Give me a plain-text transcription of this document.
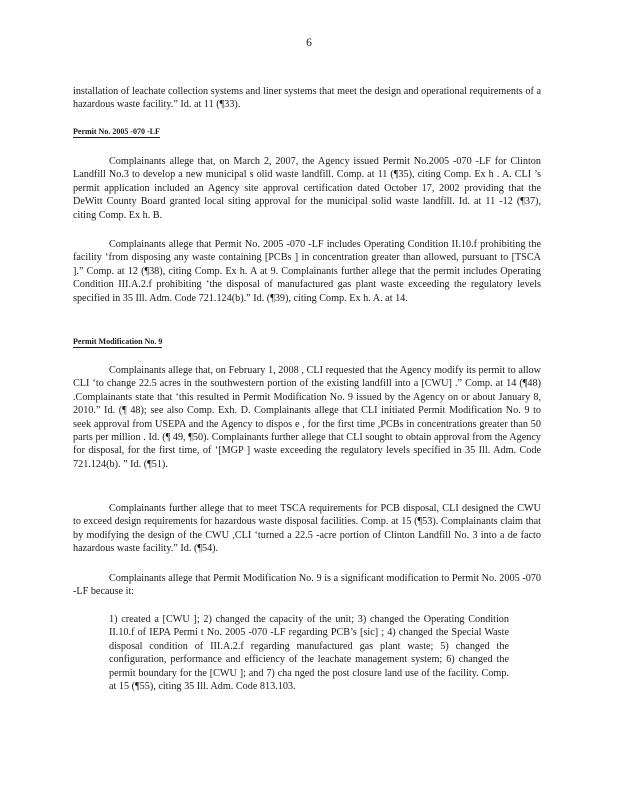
6

installation of leachate collection systems and liner systems that meet the design and operational requirements of a hazardous waste facility.” Id. at 11 (¶33).

Permit No. 2005 -070 -LF

Complainants allege that, on March 2, 2007, the Agency issued Permit No.2005 -070 -LF for Clinton Landfill No.3 to develop a new municipal s olid waste landfill. Comp. at 11 (¶35), citing Comp. Ex h . A. CLI ’s permit application included an Agency site approval certification dated October 17, 2002 providing that the DeWitt County Board granted local siting approval for the municipal solid waste landfill. Id. at 11 -12 (¶37), citing Comp. Ex h. B.

Complainants allege that Permit No. 2005 -070 -LF includes Operating Condition II.10.f prohibiting the facility ‘from disposing any waste containing [PCBs ] in concentration greater than allowed, pursuant to [TSCA ].” Comp. at 12 (¶38), citing Comp. Ex h. A at 9. Complainants further allege that the permit includes Operating Condition III.A.2.f prohibiting ‘the disposal of manufactured gas plant waste exceeding the regulatory levels specified in 35 Ill. Adm. Code 721.124(b).” Id. (¶39), citing Comp. Ex h. A. at 14.

Permit Modification No. 9

Complainants allege that, on February 1, 2008 , CLI requested that the Agency modify its permit to allow CLI ‘to change 22.5 acres in the southwestern portion of the existing landfill into a [CWU] .” Comp. at 14 (¶48) .Complainants state that ‘this resulted in Permit Modification No. 9 issued by the Agency on or about January 8, 2010.” Id. (¶ 48); see also Comp. Exh. D. Complainants allege that CLI initiated Permit Modification No. 9 to seek approval from USEPA and the Agency to dispos e , for the first time ,PCBs in concentrations greater than 50 parts per million . Id. (¶ 49, ¶50). Complainants further allege that CLI sought to obtain approval from the Agency for disposal, for the first time, of ‘[MGP ] waste exceeding the regulatory levels specified in 35 Ill. Adm. Code 721.124(b). ” Id. (¶51).

Complainants further allege that to meet TSCA requirements for PCB disposal, CLI designed the CWU to exceed design requirements for hazardous waste disposal facilities. Comp. at 15 (¶53). Complainants claim that by modifying the design of the CWU ,CLI ‘turned a 22.5 -acre portion of Clinton Landfill No. 3 into a de facto hazardous waste facility.” Id. (¶54).

Complainants allege that Permit Modification No. 9 is a significant modification to Permit No. 2005 -070 -LF because it:

1) created a [CWU ]; 2) changed the capacity of the unit; 3) changed the Operating Condition II.10.f of IEPA Permi t No. 2005 -070 -LF regarding PCB’s [sic] ; 4) changed the Special Waste disposal condition of III.A.2.f regarding manufactured gas plant waste; 5) changed the configuration, performance and efficiency of the leachate management system; 6) changed the permit boundary for the [CWU ]; and 7) cha nged the post closure land use of the facility. Comp. at 15 (¶55), citing 35 Ill. Adm. Code 813.103.
